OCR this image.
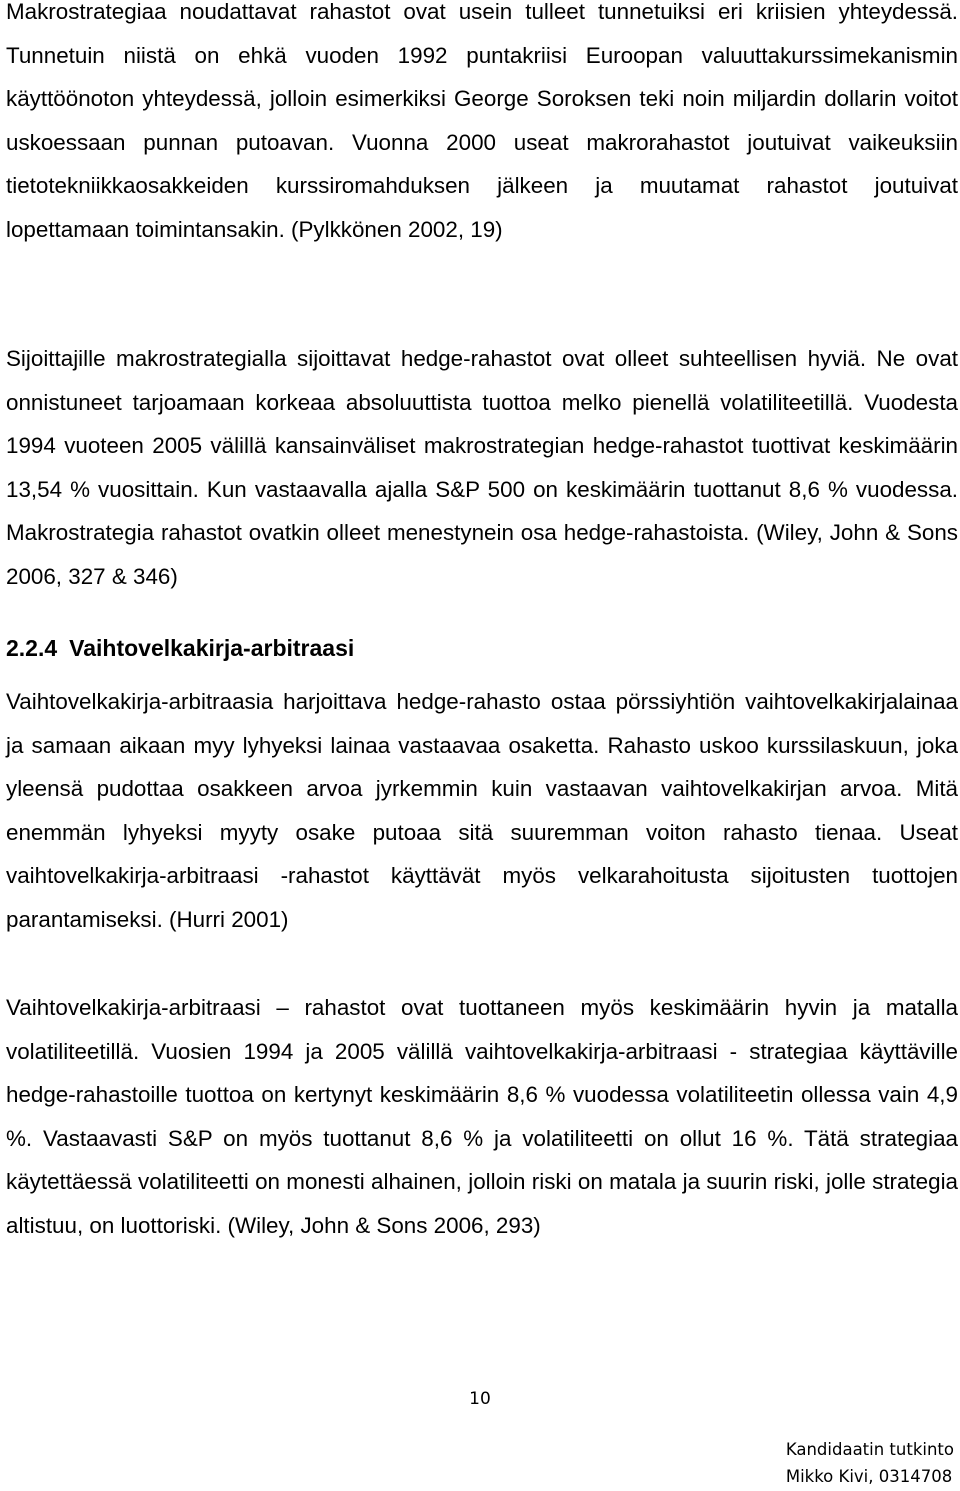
Makrostrategiaa noudattavat rahastot ovat usein tulleet tunnetuiksi eri kriisien yhteydessä. Tunnetuin niistä on ehkä vuoden 1992 puntakriisi Euroopan valuuttakurssimekanismin käyttöönoton yhteydessä, jolloin esimerkiksi George Soroksen teki noin miljardin dollarin voitot uskoessaan punnan putoavan. Vuonna 2000 useat makrorahastot joutuivat vaikeuksiin tietotekniikkaosakkeiden kurssiromahduksen jälkeen ja muutamat rahastot joutuivat lopettamaan toimintansakin. (Pylkkönen 2002, 19)

Sijoittajille makrostrategialla sijoittavat hedge-rahastot ovat olleet suhteellisen hyviä. Ne ovat onnistuneet tarjoamaan korkeaa absoluuttista tuottoa melko pienellä volatiliteetillä. Vuodesta 1994 vuoteen 2005 välillä kansainväliset makrostrategian hedge-rahastot tuottivat keskimäärin 13,54 % vuosittain. Kun vastaavalla ajalla S&P 500 on keskimäärin tuottanut 8,6 % vuodessa. Makrostrategia rahastot ovatkin olleet menestynein osa hedge-rahastoista. (Wiley, John & Sons 2006, 327 & 346)

2.2.4 Vaihtovelkakirja-arbitraasi

Vaihtovelkakirja-arbitraasia harjoittava hedge-rahasto ostaa pörssiyhtiön vaihtovelkakirjalainaa ja samaan aikaan myy lyhyeksi lainaa vastaavaa osaketta. Rahasto uskoo kurssilaskuun, joka yleensä pudottaa osakkeen arvoa jyrkemmin kuin vastaavan vaihtovelkakirjan arvoa. Mitä enemmän lyhyeksi myyty osake putoaa sitä suuremman voiton rahasto tienaa. Useat vaihtovelkakirja-arbitraasi -rahastot käyttävät myös velkarahoitusta sijoitusten tuottojen parantamiseksi. (Hurri 2001)

Vaihtovelkakirja-arbitraasi – rahastot ovat tuottaneen myös keskimäärin hyvin ja matalla volatiliteetillä. Vuosien 1994 ja 2005 välillä vaihtovelkakirja-arbitraasi - strategiaa käyttäville hedge-rahastoille tuottoa on kertynyt keskimäärin 8,6 % vuodessa volatiliteetin ollessa vain 4,9 %. Vastaavasti S&P on myös tuottanut 8,6 % ja volatiliteetti on ollut 16 %. Tätä strategiaa käytettäessä volatiliteetti on monesti alhainen, jolloin riski on matala ja suurin riski, jolle strategia altistuu, on luottoriski. (Wiley, John & Sons 2006, 293)

10
Kandidaatin tutkinto
Mikko Kivi, 0314708
